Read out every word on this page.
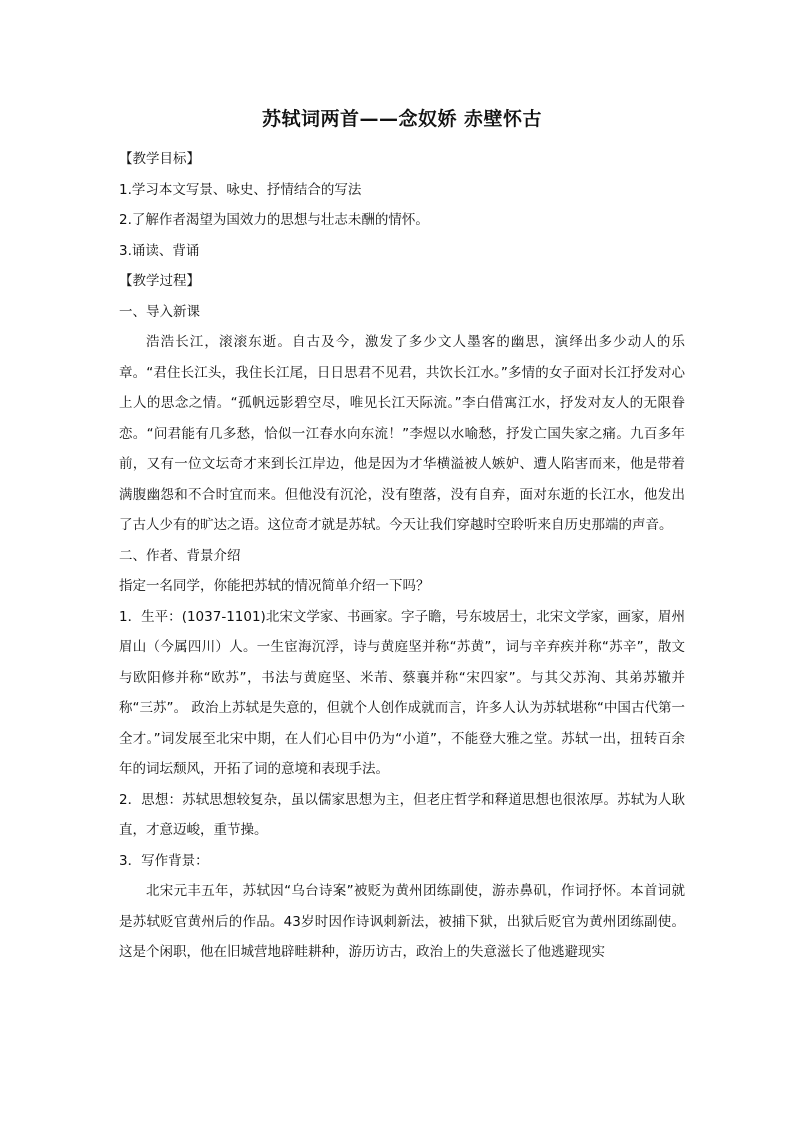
苏轼词两首——念奴娇 赤壁怀古

【教学目标】

1.学习本文写景、咏史、抒情结合的写法

2.了解作者渴望为国效力的思想与壮志未酬的情怀。

3.诵读、背诵

【教学过程】

一、导入新课

浩浩长江，滚滚东逝。自古及今，激发了多少文人墨客的幽思，演绎出多少动人的乐章。“君住长江头，我住长江尾，日日思君不见君，共饮长江水。”多情的女子面对长江抒发对心上人的思念之情。“孤帆远影碧空尽，唯见长江天际流。”李白借寓江水，抒发对友人的无限眷恋。“问君能有几多愁，恰似一江春水向东流！”李煜以水喻愁，抒发亡国失家之痛。九百多年前，又有一位文坛奇才来到长江岸边，他是因为才华横溢被人嫉妒、遭人陷害而来，他是带着满腹幽怨和不合时宜而来。但他没有沉沦，没有堕落，没有自弃，面对东逝的长江水，他发出了古人少有的旷达之语。这位奇才就是苏轼。今天让我们穿越时空聆听来自历史那端的声音。

二、作者、背景介绍

指定一名同学，你能把苏轼的情况简单介绍一下吗？

1．生平：(1037-1101)北宋文学家、书画家。字子瞻，号东坡居士，北宋文学家，画家，眉州 眉山（今属四川）人。一生宦海沉浮，诗与黄庭坚并称“苏黄”，词与辛弃疾并称“苏辛”，散文与欧阳修并称“欧苏”，书法与黄庭坚、米芾、蔡襄并称“宋四家”。与其父苏洵、其弟苏辙并称“三苏”。 政治上苏轼是失意的，但就个人创作成就而言，许多人认为苏轼堪称“中国古代第一全才。”词发展至北宋中期，在人们心目中仍为“小道”，不能登大雅之堂。苏轼一出，扭转百余年的词坛颓风，开拓了词的意境和表现手法。

2．思想：苏轼思想较复杂，虽以儒家思想为主，但老庄哲学和释道思想也很浓厚。苏轼为人耿直，才意迈峻，重节操。

3．写作背景：

北宋元丰五年，苏轼因“乌台诗案”被贬为黄州团练副使，游赤鼻矶，作词抒怀。本首词就是苏轼贬官黄州后的作品。43岁时因作诗讽刺新法，被捕下狱，出狱后贬官为黄州团练副使。这是个闲职，他在旧城营地辟畦耕种，游历访古，政治上的失意滋长了他逃避现实
